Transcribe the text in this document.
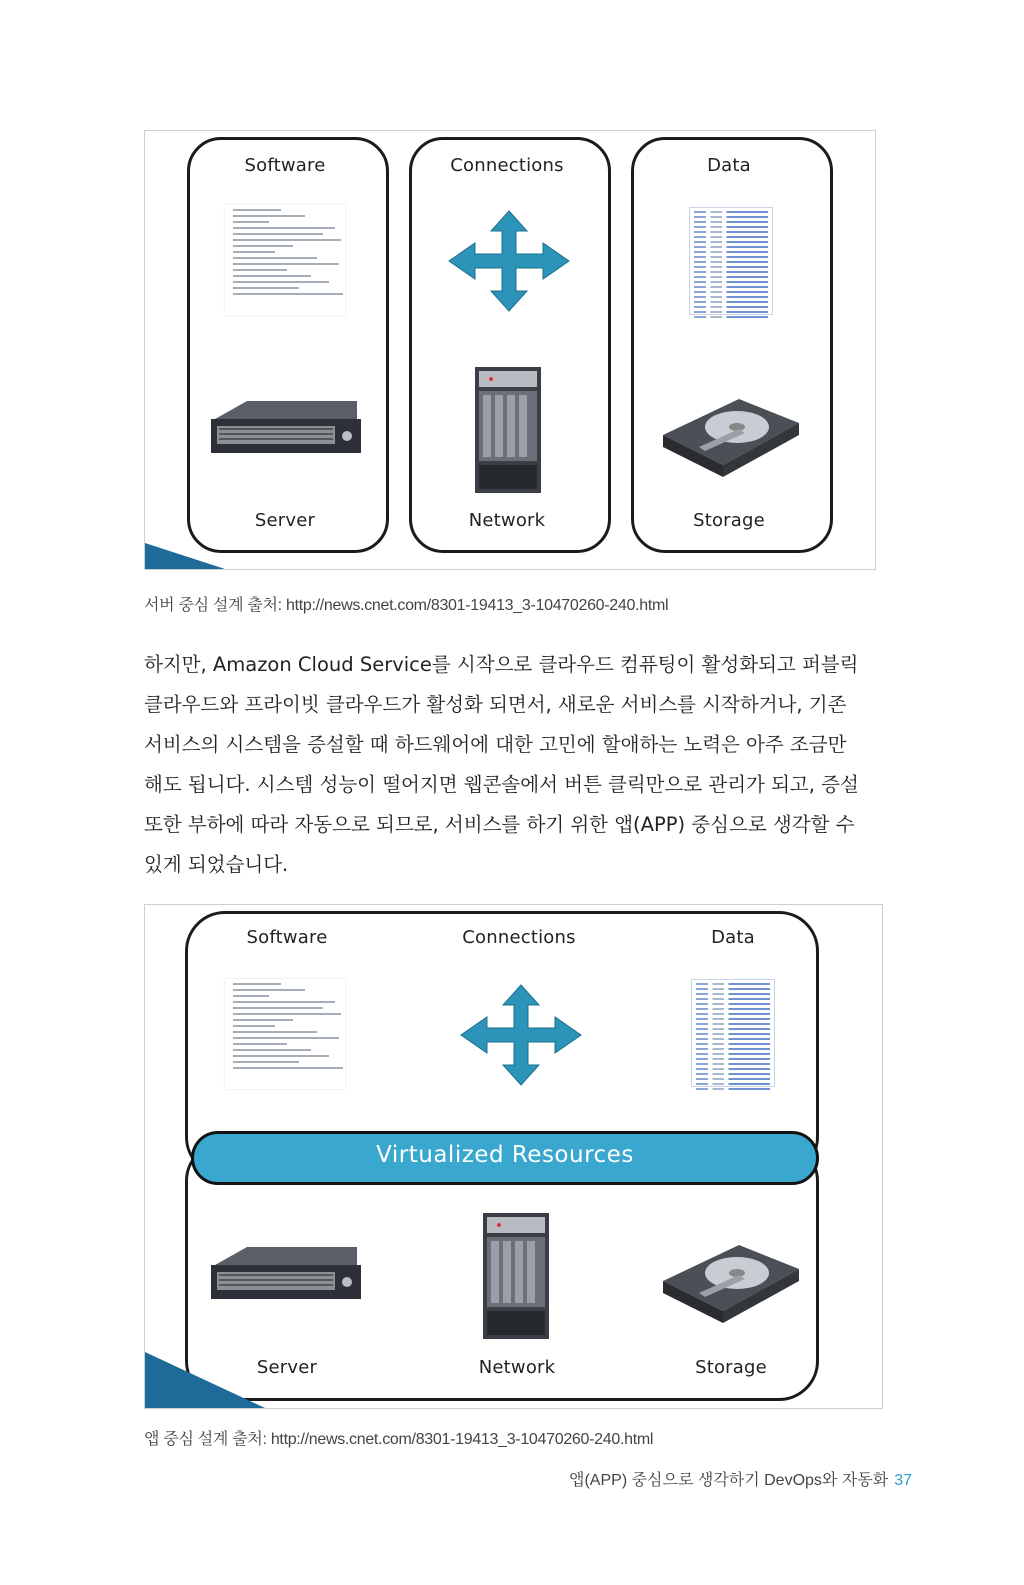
Software
Server
Connections
Network
Data
Storage
서버 중심 설계 출처: http://news.cnet.com/8301-19413_3-10470260-240.html
하지만, Amazon Cloud Service를 시작으로 클라우드 컴퓨팅이 활성화되고 퍼블릭
클라우드와 프라이빗 클라우드가 활성화 되면서, 새로운 서비스를 시작하거나, 기존
서비스의 시스템을 증설할 때 하드웨어에 대한 고민에 할애하는 노력은 아주 조금만
해도 됩니다. 시스템 성능이 떨어지면 웹콘솔에서 버튼 클릭만으로 관리가 되고, 증설
또한 부하에 따라 자동으로 되므로, 서비스를 하기 위한 앱(APP) 중심으로 생각할 수
있게 되었습니다.
Software	Connections	Data
Virtualized Resources
Server	Network	Storage
앱 중심 설계 출처: http://news.cnet.com/8301-19413_3-10470260-240.html
앱(APP) 중심으로 생각하기 DevOps와 자동화 37
